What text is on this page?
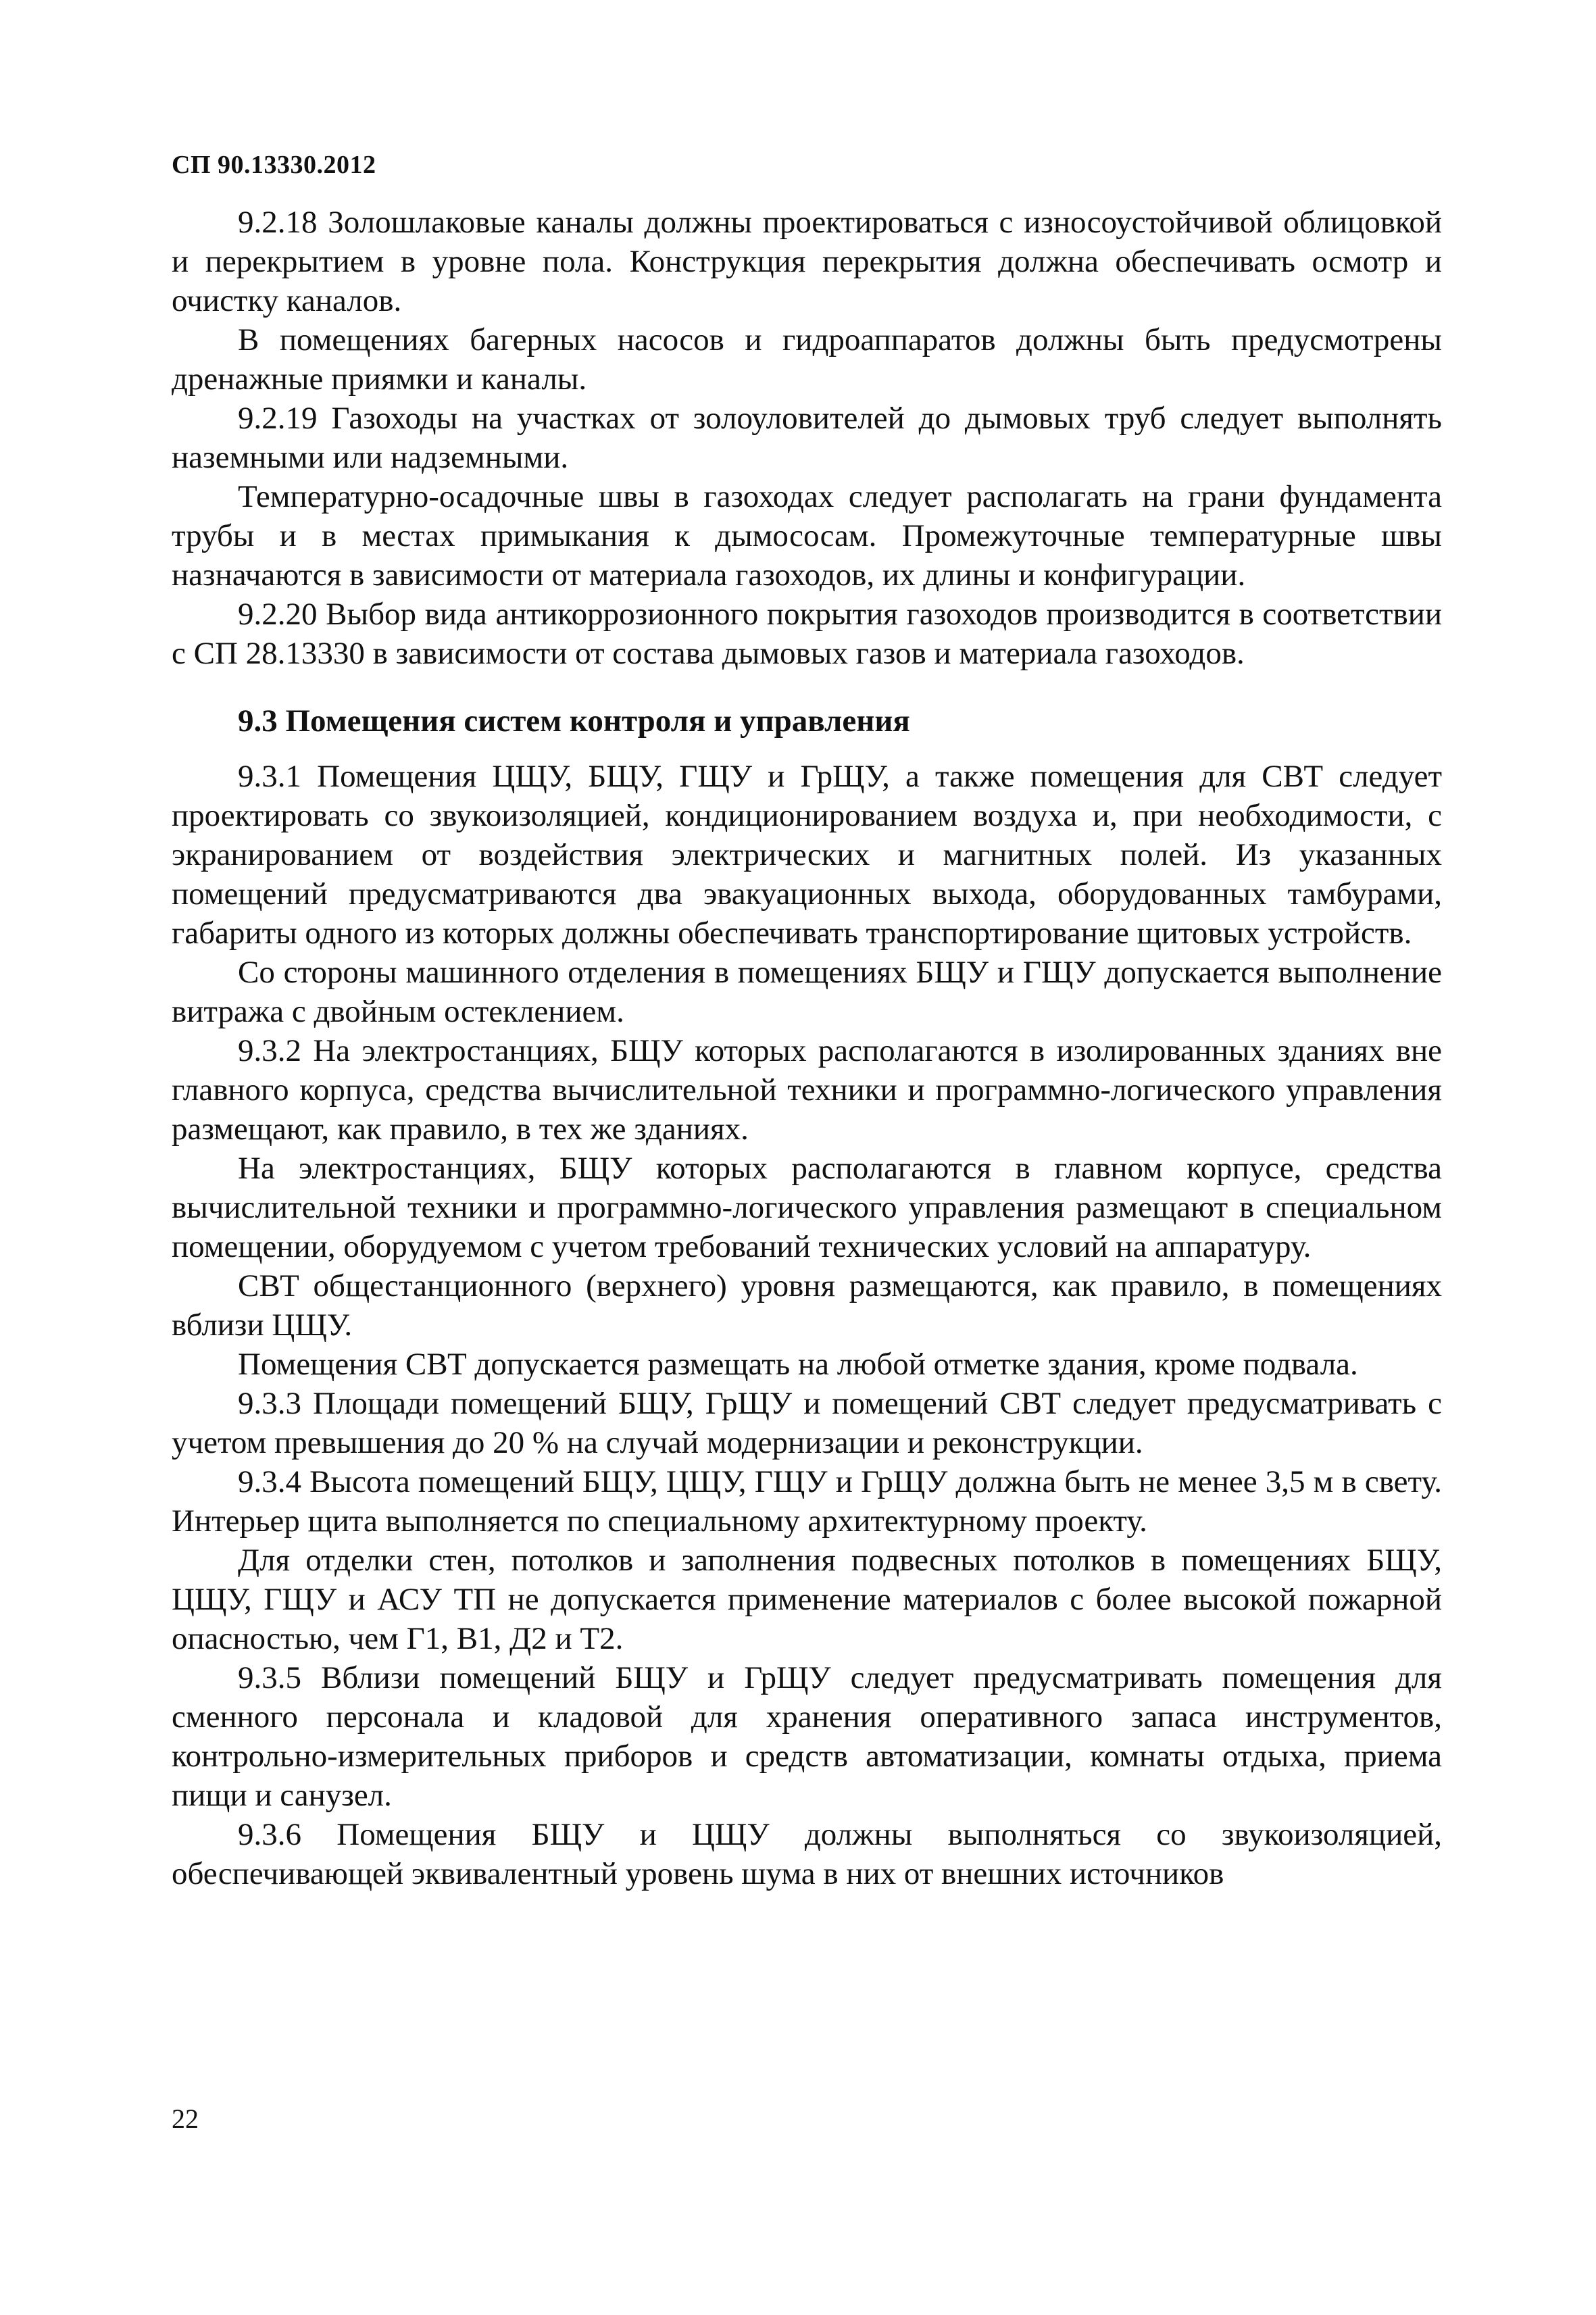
СП 90.13330.2012

9.2.18 Золошлаковые каналы должны проектироваться с износоустойчивой облицовкой и перекрытием в уровне пола. Конструкция перекрытия должна обеспечивать осмотр и очистку каналов.

В помещениях багерных насосов и гидроаппаратов должны быть предусмотрены дренажные приямки и каналы.

9.2.19 Газоходы на участках от золоуловителей до дымовых труб следует выполнять наземными или надземными.

Температурно-осадочные швы в газоходах следует располагать на грани фундамента трубы и в местах примыкания к дымососам. Промежуточные температурные швы назначаются в зависимости от материала газоходов, их длины и конфигурации.

9.2.20 Выбор вида антикоррозионного покрытия газоходов производится в соответствии с СП 28.13330 в зависимости от состава дымовых газов и материала газоходов.

9.3 Помещения систем контроля и управления

9.3.1 Помещения ЦЩУ, БЩУ, ГЩУ и ГрЩУ, а также помещения для СВТ следует проектировать со звукоизоляцией, кондиционированием воздуха и, при необходимости, с экранированием от воздействия электрических и магнитных полей. Из указанных помещений предусматриваются два эвакуационных выхода, оборудованных тамбурами, габариты одного из которых должны обеспечивать транспортирование щитовых устройств.

Со стороны машинного отделения в помещениях БЩУ и ГЩУ допускается выполнение витража с двойным остеклением.

9.3.2 На электростанциях, БЩУ которых располагаются в изолированных зданиях вне главного корпуса, средства вычислительной техники и программно-логического управления размещают, как правило, в тех же зданиях.

На электростанциях, БЩУ которых располагаются в главном корпусе, средства вычислительной техники и программно-логического управления размещают в специальном помещении, оборудуемом с учетом требований технических условий на аппаратуру.

СВТ общестанционного (верхнего) уровня размещаются, как правило, в помещениях вблизи ЦЩУ.

Помещения СВТ допускается размещать на любой отметке здания, кроме подвала.

9.3.3 Площади помещений БЩУ, ГрЩУ и помещений СВТ следует предусматривать с учетом превышения до 20 % на случай модернизации и реконструкции.

9.3.4 Высота помещений БЩУ, ЦЩУ, ГЩУ и ГрЩУ должна быть не менее 3,5 м в свету. Интерьер щита выполняется по специальному архитектурному проекту.

Для отделки стен, потолков и заполнения подвесных потолков в помещениях БЩУ, ЦЩУ, ГЩУ и АСУ ТП не допускается применение материалов с более высокой пожарной опасностью, чем Г1, В1, Д2 и Т2.

9.3.5 Вблизи помещений БЩУ и ГрЩУ следует предусматривать помещения для сменного персонала и кладовой для хранения оперативного запаса инструментов, контрольно-измерительных приборов и средств автоматизации, комнаты отдыха, приема пищи и санузел.

9.3.6 Помещения БЩУ и ЦЩУ должны выполняться со звукоизоляцией, обеспечивающей эквивалентный уровень шума в них от внешних источников

22
